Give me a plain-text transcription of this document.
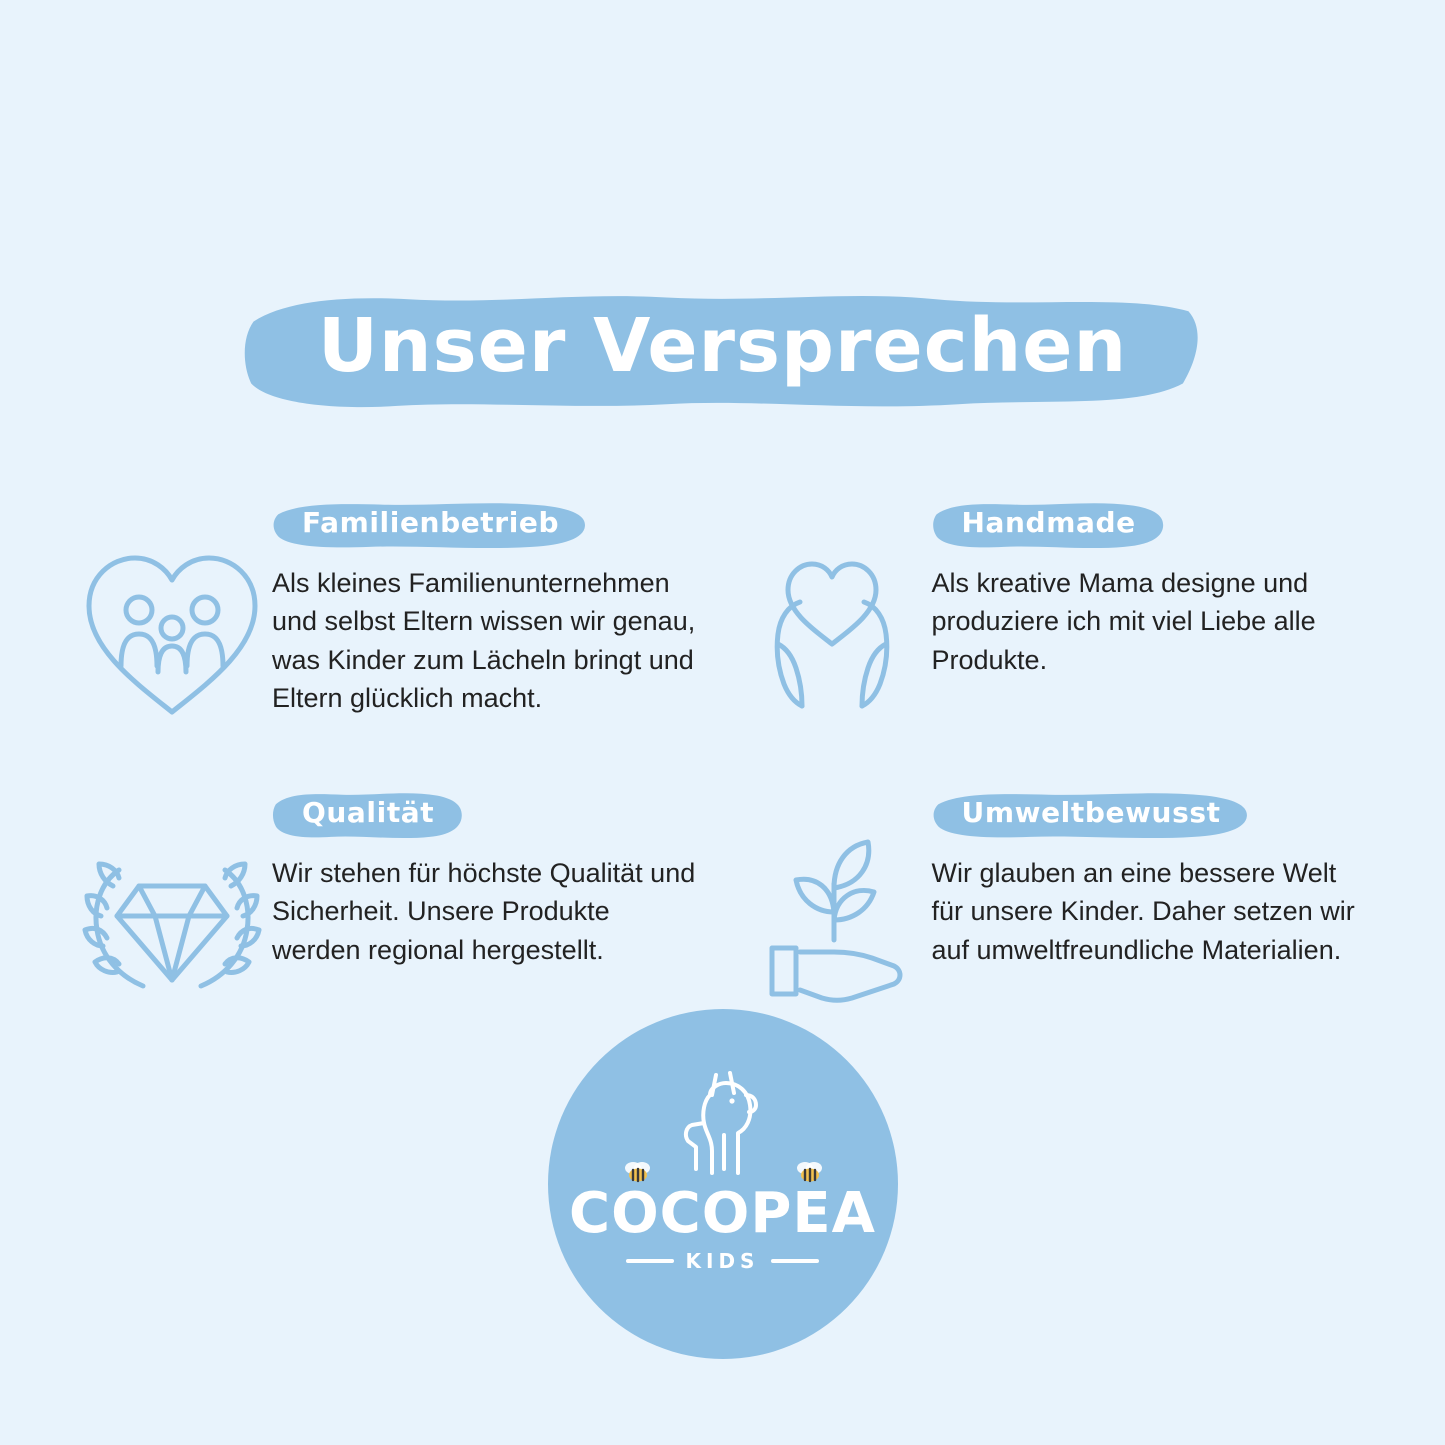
Unser Versprechen
Familienbetrieb
Als kleines Familienunternehmen und selbst Eltern wissen wir genau, was Kinder zum Lächeln bringt und Eltern glücklich macht.
Handmade
Als kreative Mama designe und produziere ich mit viel Liebe alle Produkte.
Qualität
Wir stehen für höchste Qualität und Sicherheit. Unsere Produkte werden regional hergestellt.
Umweltbewusst
Wir glauben an eine bessere Welt für unsere Kinder. Daher setzen wir auf umweltfreundliche Materialien.
COCOPEA
KIDS
